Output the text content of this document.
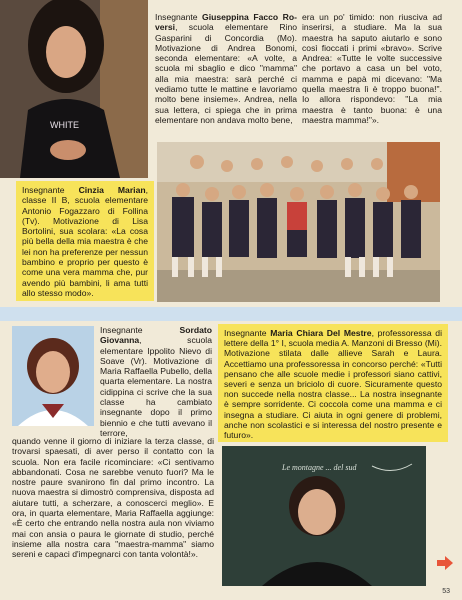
WHITE
Insegnante Giuseppina Facco Ro-versi, scuola elementare Rino Gasparini di Concordia (Mo). Motivazione di Andrea Bonomi, seconda elementare: «A volte, a scuola mi sbaglio e dico "mamma" alla mia maestra: sarà perché ci vediamo tutte le mattine e lavoriamo molto bene insieme». Andrea, nella sua lettera, ci spiega che in prima elementare non andava molto bene,
era un po' timido: non riusciva ad inserirsi, a studiare. Ma la sua maestra ha saputo aiutarlo e sono così fioccati i primi «bravo». Scrive Andrea: «Tutte le volte successive che portavo a casa un bel voto, mamma e papà mi dicevano: "Ma quella maestra lì è troppo buona!". Io allora rispondevo: "La mia maestra è tanto buona: è una maestra mamma!"».
Insegnante Cinzia Marian, classe II B, scuola elementare Antonio Fogazzaro di Follina (Tv). Motivazione di Lisa Bortolini, sua scolara: «La cosa più bella della mia maestra è che lei non ha preferenze per nessun bambino e proprio per questo è come una vera mamma che, pur avendo più bambini, li ama tutti allo stesso modo».
Insegnante Sordato Giovanna, scuola elementare Ippolito Nievo di Soave (Vr). Motivazione di Maria Raffaella Pubello, della quarta elementare. La nostra cidippina ci scrive che la sua classe ha cambiato insegnante dopo il primo biennio e che tutti avevano il terrore,
quando venne il giorno di iniziare la terza classe, di trovarsi spaesati, di aver perso il contatto con la scuola. Non era facile ricominciare: «Ci sentivamo abbandonati. Cosa ne sarebbe venuto fuori? Ma le nostre paure svanirono fin dal primo incontro. La nuova maestra si dimostrò comprensiva, disposta ad aiutare tutti, a scherzare, a conoscerci meglio». E ora, in quarta elementare, Maria Raffaella aggiunge: «È certo che entrando nella nostra aula non viviamo mai con ansia o paura le giornate di studio, perché insieme alla nostra cara "maestra-mamma" siamo sereni e capaci d'impegnarci con tanta volontà!».
Insegnante Maria Chiara Del Mestre, professoressa di lettere della 1° I, scuola media A. Manzoni di Bresso (Mi). Motivazione stilata dalle allieve Sarah e Laura. Accettiamo una professoressa in concorso perché: «Tutti pensano che alle scuole medie i professori siano cattivi, severi e senza un briciolo di cuore. Sicuramente questo non succede nella nostra classe... La nostra insegnante è sempre sorridente. Ci coccola come una mamma e ci insegna a studiare. Ci aiuta in ogni genere di problemi, anche non scolastici e si interessa del nostro presente e futuro».
Le montagne ... del sud
53
